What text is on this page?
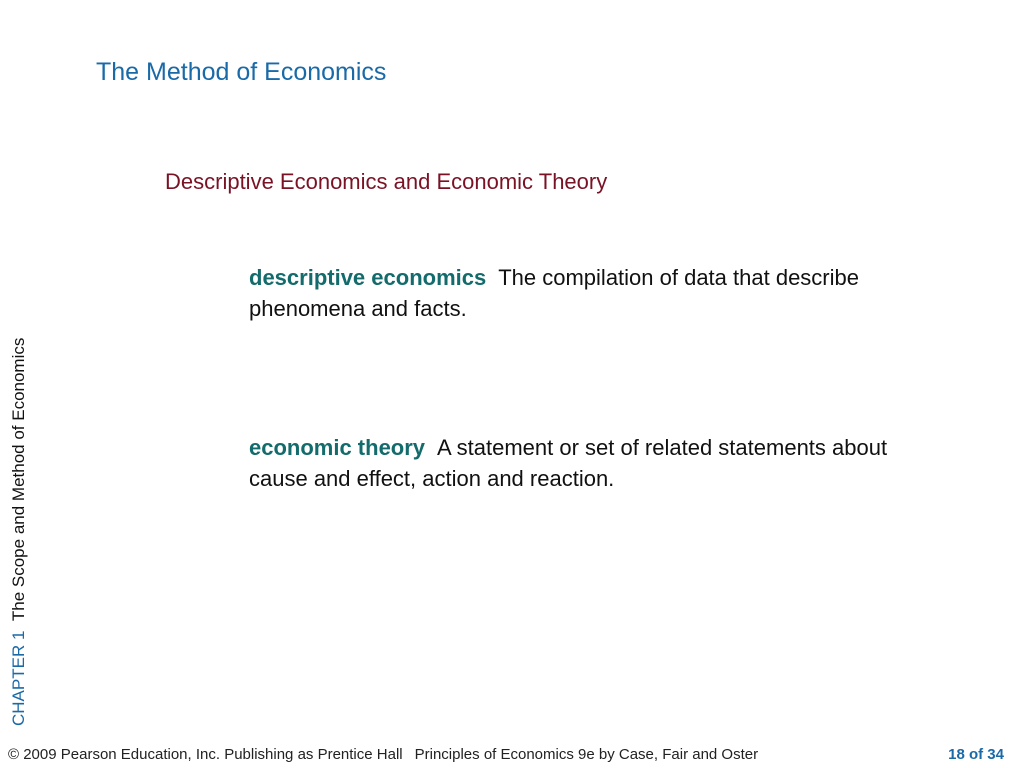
The Method of Economics
Descriptive Economics and Economic Theory
descriptive economics The compilation of data that describe phenomena and facts.
economic theory A statement or set of related statements about cause and effect, action and reaction.
CHAPTER 1  The Scope and Method of Economics
© 2009 Pearson Education, Inc. Publishing as Prentice Hall Principles of Economics 9e by Case, Fair and Oster	18 of 34
